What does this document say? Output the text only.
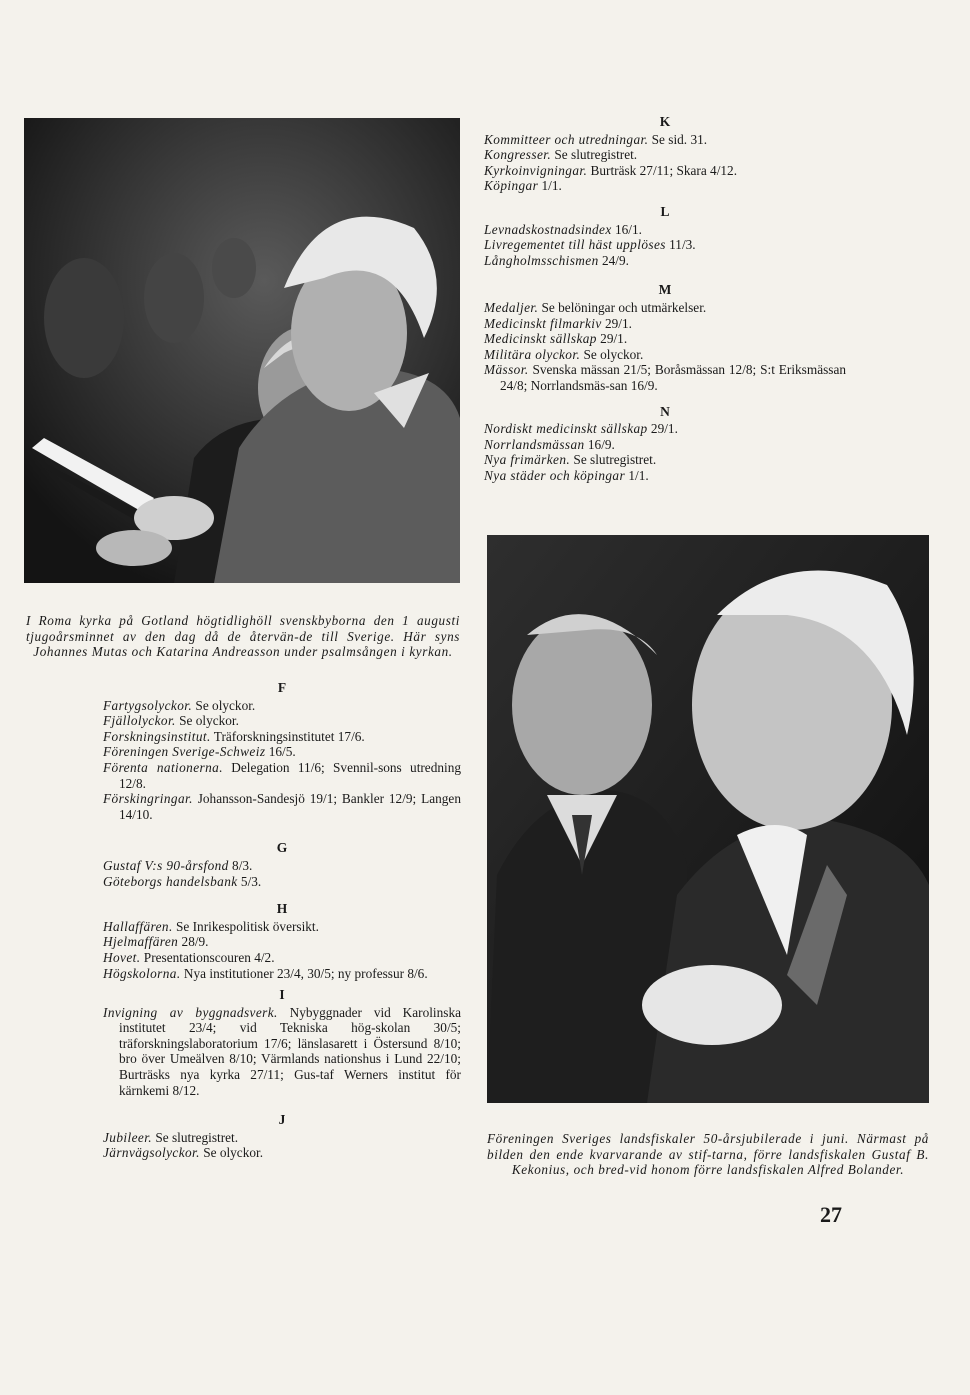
I Roma kyrka på Gotland högtidlighöll svenskbyborna den 1 augusti tjugoårsminnet av den dag då de återvän-de till Sverige. Här syns Johannes Mutas och Katarina Andreasson under psalmsången i kyrkan.

Föreningen Sveriges landsfiskaler 50-årsjubilerade i juni. Närmast på bilden den ende kvarvarande av stif-tarna, förre landsfiskalen Gustaf B. Kekonius, och bred-vid honom förre landsfiskalen Alfred Bolander.

K

Kommitteer och utredningar. Se sid. 31.

Kongresser. Se slutregistret.

Kyrkoinvigningar. Burträsk 27/11; Skara 4/12.

Köpingar 1/1.

L

Levnadskostnadsindex 16/1.

Livregementet till häst upplöses 11/3.

Långholmsschismen 24/9.

M

Medaljer. Se belöningar och utmärkelser.

Medicinskt filmarkiv 29/1.

Medicinskt sällskap 29/1.

Militära olyckor. Se olyckor.

Mässor. Svenska mässan 21/5; Boråsmässan 12/8; S:t Eriksmässan 24/8; Norrlandsmäs-san 16/9.

N

Nordiskt medicinskt sällskap 29/1.

Norrlandsmässan 16/9.

Nya frimärken. Se slutregistret.

Nya städer och köpingar 1/1.

F

Fartygsolyckor. Se olyckor.

Fjällolyckor. Se olyckor.

Forskningsinstitut. Träforskningsinstitutet 17/6.

Föreningen Sverige-Schweiz 16/5.

Förenta nationerna. Delegation 11/6; Svennil-sons utredning 12/8.

Förskingringar. Johansson-Sandesjö 19/1; Bankler 12/9; Langen 14/10.

G

Gustaf V:s 90-årsfond 8/3.

Göteborgs handelsbank 5/3.

H

Hallaffären. Se Inrikespolitisk översikt.

Hjelmaffären 28/9.

Hovet. Presentationscouren 4/2.

Högskolorna. Nya institutioner 23/4, 30/5; ny professur 8/6.

I

Invigning av byggnadsverk. Nybyggnader vid Karolinska institutet 23/4; vid Tekniska hög-skolan 30/5; träforskningslaboratorium 17/6; länslasarett i Östersund 8/10; bro över Umeälven 8/10; Värmlands nationshus i Lund 22/10; Burträsks nya kyrka 27/11; Gus-taf Werners institut för kärnkemi 8/12.

J

Jubileer. Se slutregistret.

Järnvägsolyckor. Se olyckor.

27
